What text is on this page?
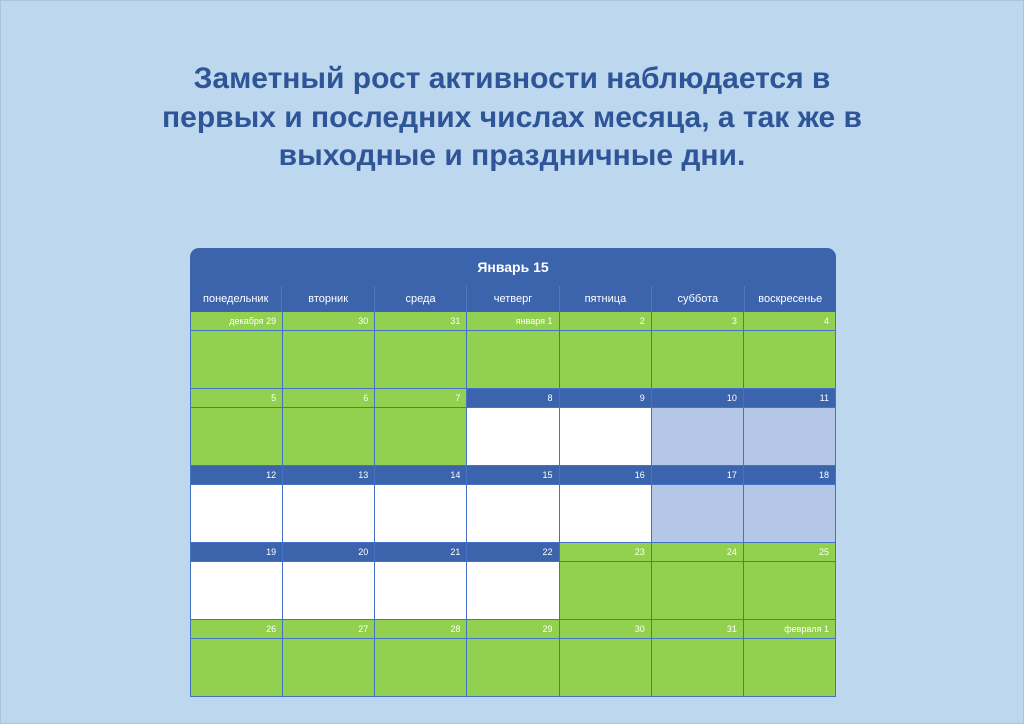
Заметный рост активности наблюдается в первых и последних числах месяца, а так же в выходные и праздничные дни.
Январь 15
понедельник	вторник	среда	четверг	пятница	суббота	воскресенье
декабря 29	30	31	января 1	2	3	4
5	6	7	8	9	10	11
12	13	14	15	16	17	18
19	20	21	22	23	24	25
26	27	28	29	30	31	февраля 1
